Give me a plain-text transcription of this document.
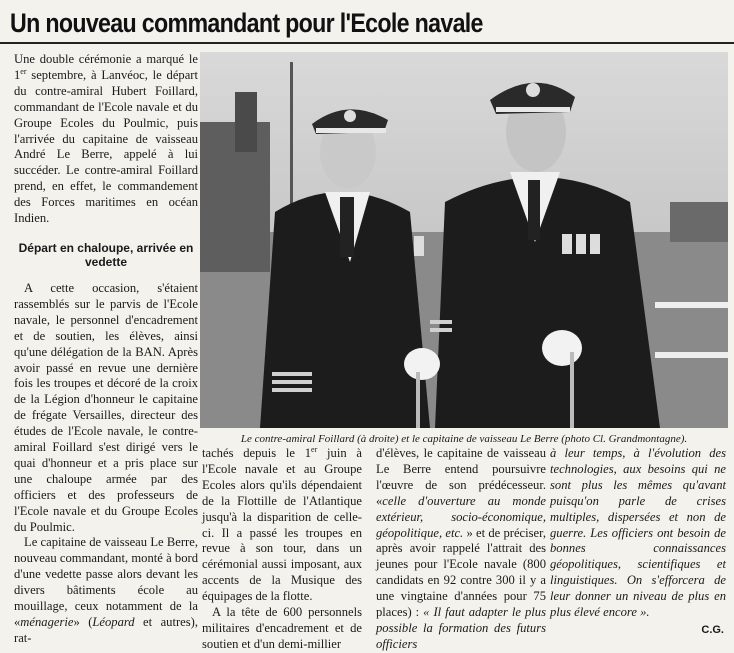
Un nouveau commandant pour l'Ecole navale

Une double cérémonie a marqué le 1er septembre, à Lanvéoc, le départ du contre-amiral Hubert Foillard, commandant de l'Ecole navale et du Groupe Ecoles du Poulmic, puis l'arrivée du capitaine de vaisseau André Le Berre, appelé à lui succéder. Le contre-amiral Foillard prend, en effet, le commandement des Forces maritimes en océan Indien.

Départ en chaloupe, arrivée en vedette

A cette occasion, s'étaient rassemblés sur le parvis de l'Ecole navale, le personnel d'encadrement et de soutien, les élèves, ainsi qu'une délégation de la BAN. Après avoir passé en revue une dernière fois les troupes et décoré de la croix de la Légion d'honneur le capitaine de frégate Versailles, directeur des études de l'Ecole navale, le contre-amiral Foillard s'est dirigé vers le quai d'honneur et a pris place sur une chaloupe armée par des officiers et des professeurs de l'Ecole navale et du Groupe Ecoles du Poulmic.

Le capitaine de vaisseau Le Berre, nouveau commandant, monté à bord d'une vedette passe alors devant les divers bâtiments école au mouillage, ceux notamment de la «ménagerie» (Léopard et autres), rat-

Le contre-amiral Foillard (à droite) et le capitaine de vaisseau Le Berre (photo Cl. Grandmontagne).

tachés depuis le 1er juin à l'Ecole navale et au Groupe Ecoles alors qu'ils dépendaient de la Flottille de l'Atlantique jusqu'à la disparition de celle-ci. Il a passé les troupes en revue à son tour, dans un cérémonial aussi imposant, aux accents de la Musique des équipages de la flotte.

A la tête de 600 personnels militaires d'encadrement et de soutien et d'un demi-millier

d'élèves, le capitaine de vaisseau Le Berre entend poursuivre l'œuvre de son prédécesseur. «celle d'ouverture au monde extérieur, socio-économique, géopolitique, etc. » et de préciser, après avoir rappelé l'attrait des jeunes pour l'Ecole navale (800 candidats en 92 contre 300 il y a une vingtaine d'années pour 75 places) : « Il faut adapter le plus possible la formation des futurs officiers

à leur temps, à l'évolution des technologies, aux besoins qui ne sont plus les mêmes qu'avant puisqu'on parle de crises multiples, dispersées et non de guerre. Les officiers ont besoin de bonnes connaissances géopolitiques, scientifiques et linguistiques. On s'efforcera de leur donner un niveau de plus en plus élevé encore ».

C.G.
